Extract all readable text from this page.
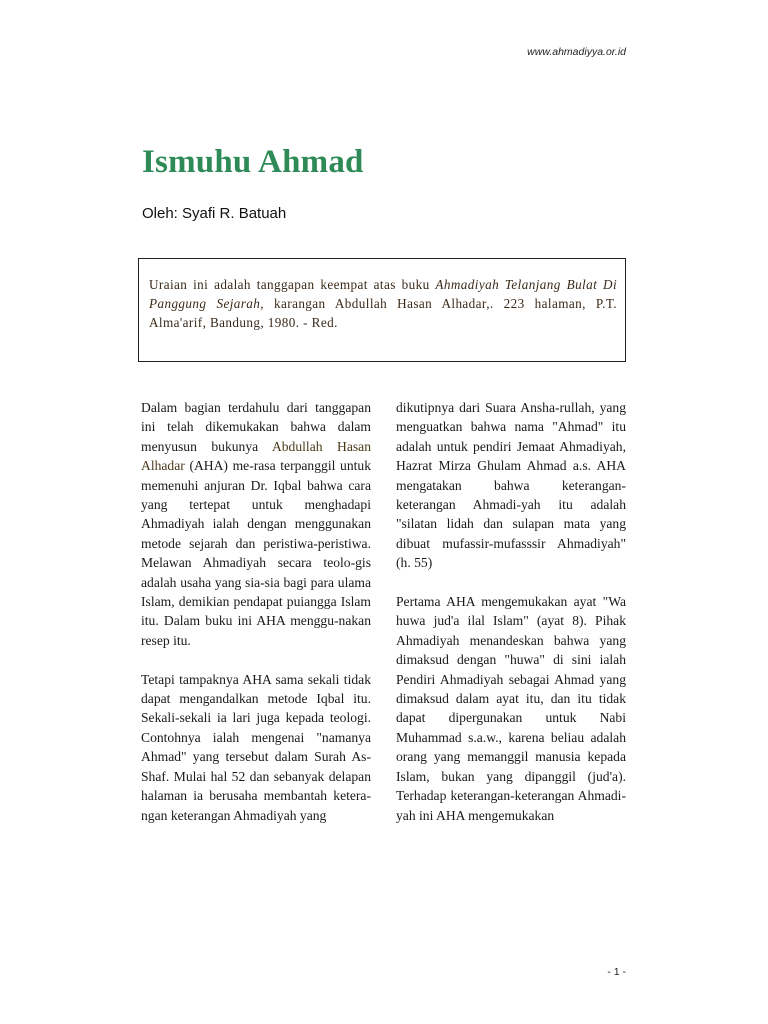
www.ahmadiyya.or.id
Ismuhu Ahmad
Oleh: Syafi R. Batuah

Uraian ini adalah tanggapan keempat atas buku Ahmadiyah Telanjang Bulat Di Panggung Sejarah, karangan Abdullah Hasan Alhadar,. 223 halaman, P.T. Alma'arif, Bandung, 1980. - Red.

Dalam bagian terdahulu dari tanggapan ini telah dikemukakan bahwa dalam menyusun bukunya Abdullah Hasan Alhadar (AHA) me-rasa terpanggil untuk memenuhi anjuran Dr. Iqbal bahwa cara yang tertepat untuk menghadapi Ahmadiyah ialah dengan menggunakan metode sejarah dan peristiwa-peristiwa. Melawan Ahmadiyah secara teolo-gis adalah usaha yang sia-sia bagi para ulama Islam, demikian pendapat puiangga Islam itu. Dalam buku ini AHA menggu-nakan resep itu.

Tetapi tampaknya AHA sama sekali tidak dapat mengandalkan metode Iqbal itu. Sekali-sekali ia lari juga kepada teologi. Contohnya ialah mengenai "namanya Ahmad" yang tersebut dalam Surah As-Shaf. Mulai hal 52 dan sebanyak delapan halaman ia berusaha membantah ketera-ngan keterangan Ahmadiyah yang

dikutipnya dari Suara Ansha-rullah, yang menguatkan bahwa nama "Ahmad" itu adalah untuk pendiri Jemaat Ahmadiyah, Hazrat Mirza Ghulam Ahmad a.s. AHA mengatakan bahwa keterangan-keterangan Ahmadi-yah itu adalah "silatan lidah dan sulapan mata yang dibuat mufassir-mufasssir Ahmadiyah" (h. 55)

Pertama AHA mengemukakan ayat "Wa huwa jud'a ilal Islam" (ayat 8). Pihak Ahmadiyah menandeskan bahwa yang dimaksud dengan "huwa" di sini ialah Pendiri Ahmadiyah sebagai Ahmad yang dimaksud dalam ayat itu, dan itu tidak dapat dipergunakan untuk Nabi Muhammad s.a.w., karena beliau adalah orang yang memanggil manusia kepada Islam, bukan yang dipanggil (jud'a). Terhadap keterangan-keterangan Ahmadi-yah ini AHA mengemukakan

- 1 -
